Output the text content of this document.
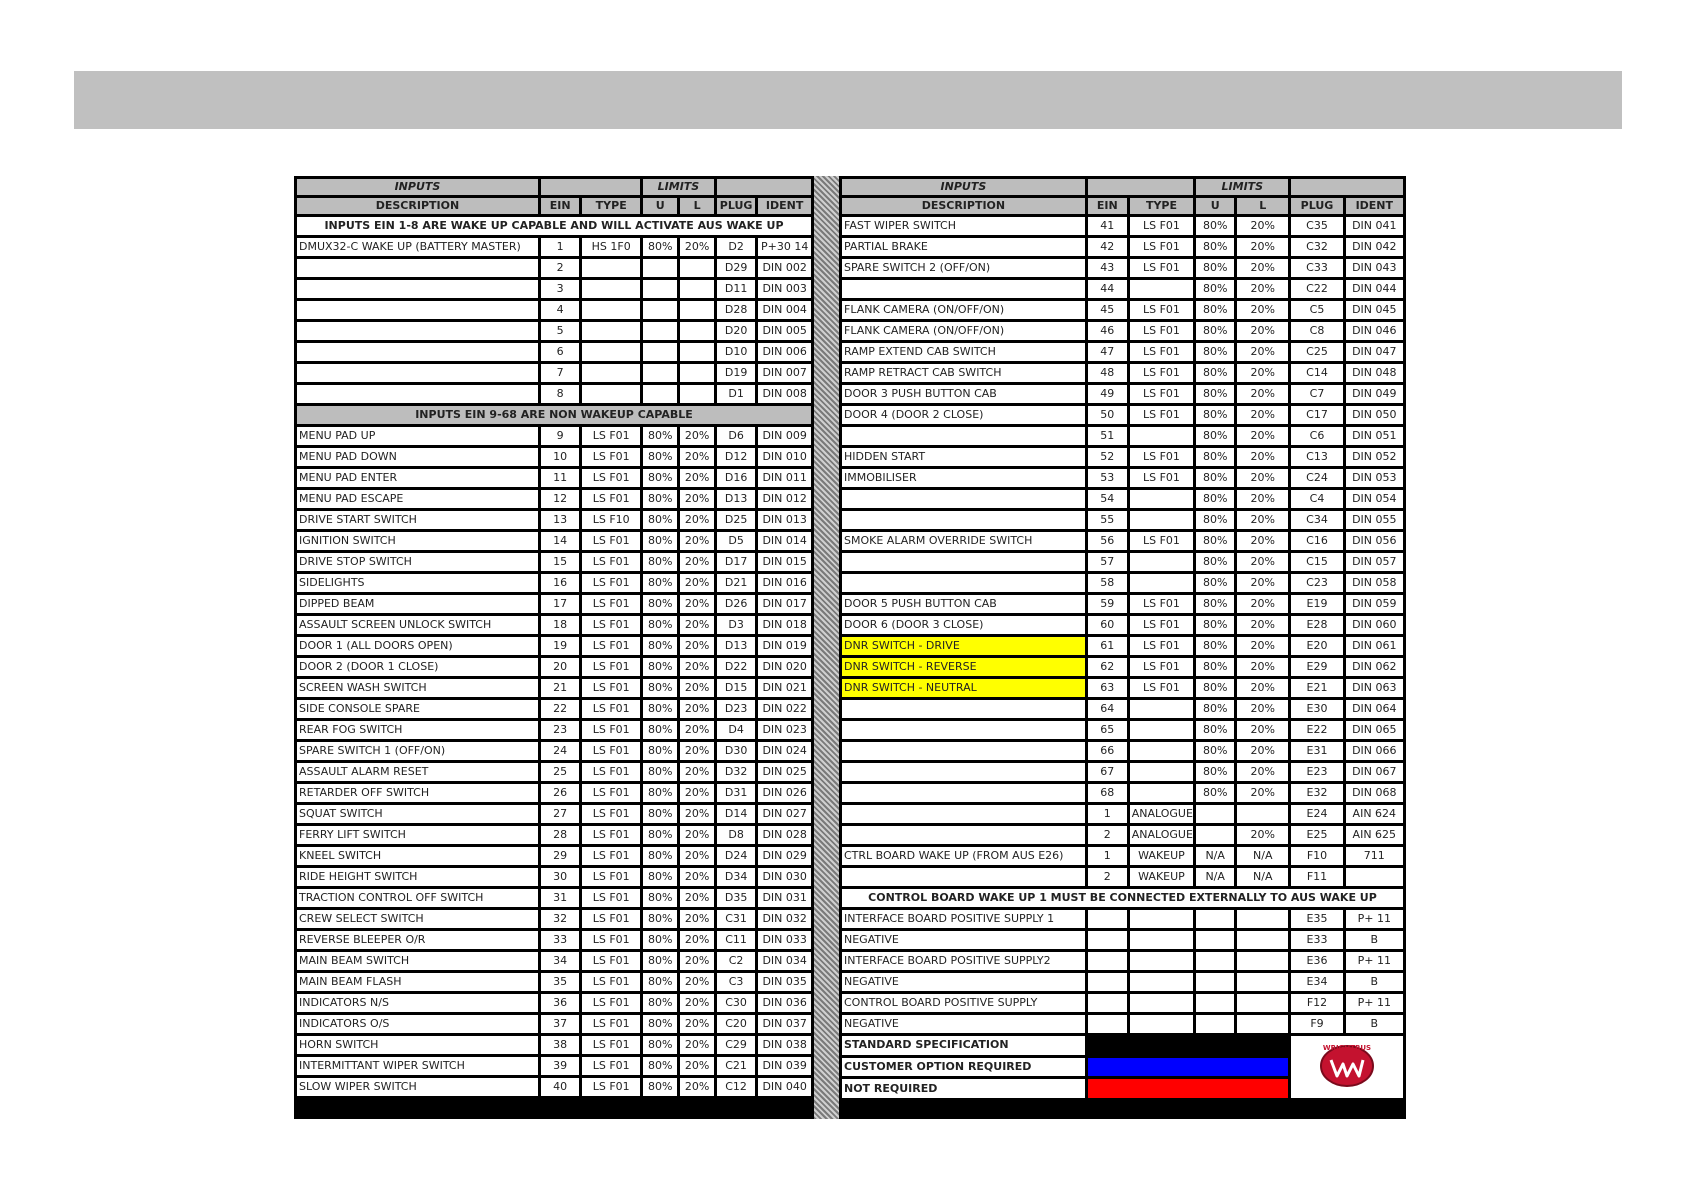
INPUTS			LIMITS			
DESCRIPTION	EIN	TYPE	U	L	PLUG	IDENT
INPUTS EIN 1-8 ARE WAKE UP CAPABLE AND WILL ACTIVATE AUS WAKE UP						
DMUX32-C WAKE UP (BATTERY MASTER)	1	HS 1F0	80%	20%	D2	P+30 14
	2				D29	DIN 002
	3				D11	DIN 003
	4				D28	DIN 004
	5				D20	DIN 005
	6				D10	DIN 006
	7				D19	DIN 007
	8				D1	DIN 008
INPUTS EIN 9-68 ARE NON WAKEUP CAPABLE						
MENU PAD UP	9	LS F01	80%	20%	D6	DIN 009
MENU PAD DOWN	10	LS F01	80%	20%	D12	DIN 010
MENU PAD ENTER	11	LS F01	80%	20%	D16	DIN 011
MENU PAD ESCAPE	12	LS F01	80%	20%	D13	DIN 012
DRIVE START SWITCH	13	LS F10	80%	20%	D25	DIN 013
IGNITION SWITCH	14	LS F01	80%	20%	D5	DIN 014
DRIVE STOP SWITCH	15	LS F01	80%	20%	D17	DIN 015
SIDELIGHTS	16	LS F01	80%	20%	D21	DIN 016
DIPPED BEAM	17	LS F01	80%	20%	D26	DIN 017
ASSAULT SCREEN UNLOCK SWITCH	18	LS F01	80%	20%	D3	DIN 018
DOOR 1 (ALL DOORS OPEN)	19	LS F01	80%	20%	D13	DIN 019
DOOR 2 (DOOR 1 CLOSE)	20	LS F01	80%	20%	D22	DIN 020
SCREEN WASH SWITCH	21	LS F01	80%	20%	D15	DIN 021
SIDE CONSOLE SPARE	22	LS F01	80%	20%	D23	DIN 022
REAR FOG SWITCH	23	LS F01	80%	20%	D4	DIN 023
SPARE SWITCH 1 (OFF/ON)	24	LS F01	80%	20%	D30	DIN 024
ASSAULT ALARM RESET	25	LS F01	80%	20%	D32	DIN 025
RETARDER OFF SWITCH	26	LS F01	80%	20%	D31	DIN 026
SQUAT SWITCH	27	LS F01	80%	20%	D14	DIN 027
FERRY LIFT SWITCH	28	LS F01	80%	20%	D8	DIN 028
KNEEL SWITCH	29	LS F01	80%	20%	D24	DIN 029
RIDE HEIGHT SWITCH	30	LS F01	80%	20%	D34	DIN 030
TRACTION CONTROL OFF SWITCH	31	LS F01	80%	20%	D35	DIN 031
CREW SELECT SWITCH	32	LS F01	80%	20%	C31	DIN 032
REVERSE BLEEPER O/R	33	LS F01	80%	20%	C11	DIN 033
MAIN BEAM SWITCH	34	LS F01	80%	20%	C2	DIN 034
MAIN BEAM FLASH	35	LS F01	80%	20%	C3	DIN 035
INDICATORS N/S	36	LS F01	80%	20%	C30	DIN 036
INDICATORS O/S	37	LS F01	80%	20%	C20	DIN 037
HORN SWITCH	38	LS F01	80%	20%	C29	DIN 038
INTERMITTANT WIPER SWITCH	39	LS F01	80%	20%	C21	DIN 039
SLOW WIPER SWITCH	40	LS F01	80%	20%	C12	DIN 040
INPUTS			LIMITS			
DESCRIPTION	EIN	TYPE	U	L	PLUG	IDENT
FAST WIPER SWITCH	41	LS F01	80%	20%	C35	DIN 041
PARTIAL BRAKE	42	LS F01	80%	20%	C32	DIN 042
SPARE SWITCH 2 (OFF/ON)	43	LS F01	80%	20%	C33	DIN 043
	44		80%	20%	C22	DIN 044
FLANK CAMERA (ON/OFF/ON)	45	LS F01	80%	20%	C5	DIN 045
FLANK CAMERA (ON/OFF/ON)	46	LS F01	80%	20%	C8	DIN 046
RAMP EXTEND CAB SWITCH	47	LS F01	80%	20%	C25	DIN 047
RAMP RETRACT CAB SWITCH	48	LS F01	80%	20%	C14	DIN 048
DOOR 3 PUSH BUTTON CAB	49	LS F01	80%	20%	C7	DIN 049
DOOR 4 (DOOR 2 CLOSE)	50	LS F01	80%	20%	C17	DIN 050
	51		80%	20%	C6	DIN 051
HIDDEN START	52	LS F01	80%	20%	C13	DIN 052
IMMOBILISER	53	LS F01	80%	20%	C24	DIN 053
	54		80%	20%	C4	DIN 054
	55		80%	20%	C34	DIN 055
SMOKE ALARM OVERRIDE SWITCH	56	LS F01	80%	20%	C16	DIN 056
	57		80%	20%	C15	DIN 057
	58		80%	20%	C23	DIN 058
DOOR 5 PUSH BUTTON CAB	59	LS F01	80%	20%	E19	DIN 059
DOOR 6 (DOOR 3 CLOSE)	60	LS F01	80%	20%	E28	DIN 060
DNR SWITCH - DRIVE	61	LS F01	80%	20%	E20	DIN 061
DNR SWITCH - REVERSE	62	LS F01	80%	20%	E29	DIN 062
DNR SWITCH - NEUTRAL	63	LS F01	80%	20%	E21	DIN 063
	64		80%	20%	E30	DIN 064
	65		80%	20%	E22	DIN 065
	66		80%	20%	E31	DIN 066
	67		80%	20%	E23	DIN 067
	68		80%	20%	E32	DIN 068
	1	ANALOGUE			E24	AIN 624
	2	ANALOGUE		20%	E25	AIN 625
CTRL BOARD WAKE UP (FROM AUS E26)	1	WAKEUP	N/A	N/A	F10	711
	2	WAKEUP	N/A	N/A	F11	
CONTROL BOARD WAKE UP 1 MUST BE CONNECTED EXTERNALLY TO AUS WAKE UP						
INTERFACE BOARD POSITIVE SUPPLY 1					E35	P+ 11
NEGATIVE					E33	B
INTERFACE BOARD POSITIVE SUPPLY2					E36	P+ 11
NEGATIVE					E34	B
CONTROL BOARD POSITIVE SUPPLY					F12	P+ 11
NEGATIVE					F9	B
STANDARD SPECIFICATION					WRIGHTBUS	

CUSTOMER OPTION REQUIRED						
NOT REQUIRED						
